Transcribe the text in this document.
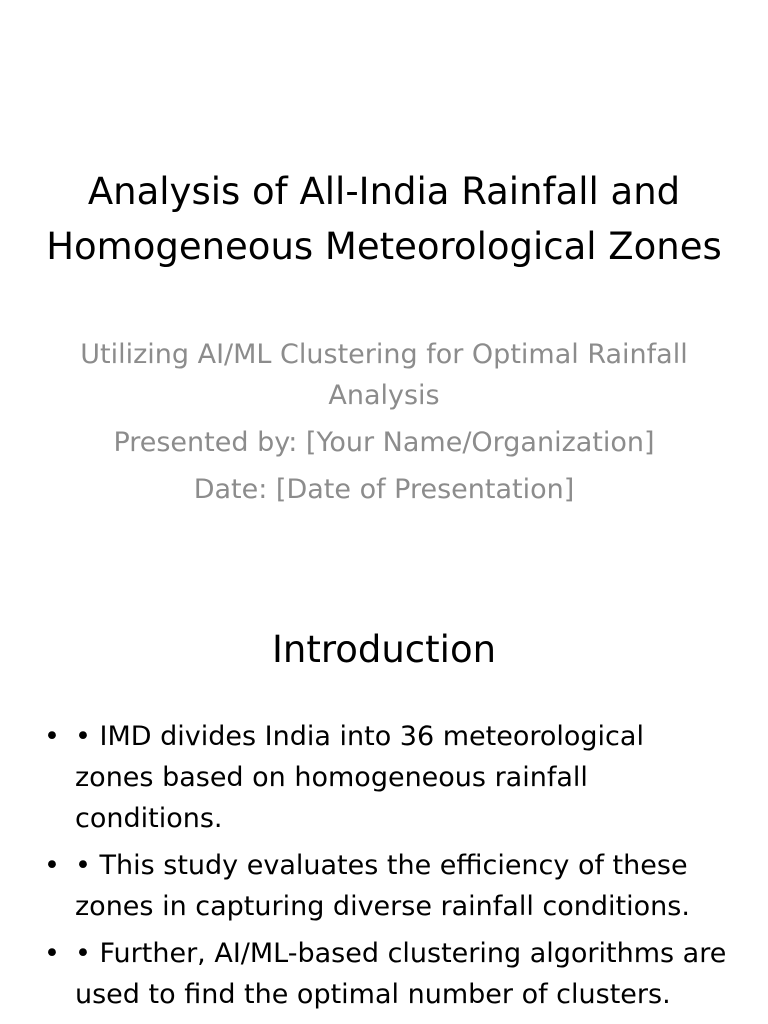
Analysis of All-India Rainfall and Homogeneous Meteorological Zones

Utilizing AI/ML Clustering for Optimal Rainfall Analysis

Presented by: [Your Name/Organization]

Date: [Date of Presentation]

Introduction
• • IMD divides India into 36 meteorological zones based on homogeneous rainfall conditions.
• • This study evaluates the efficiency of these zones in capturing diverse rainfall conditions.
• • Further, AI/ML-based clustering algorithms are used to find the optimal number of clusters.
